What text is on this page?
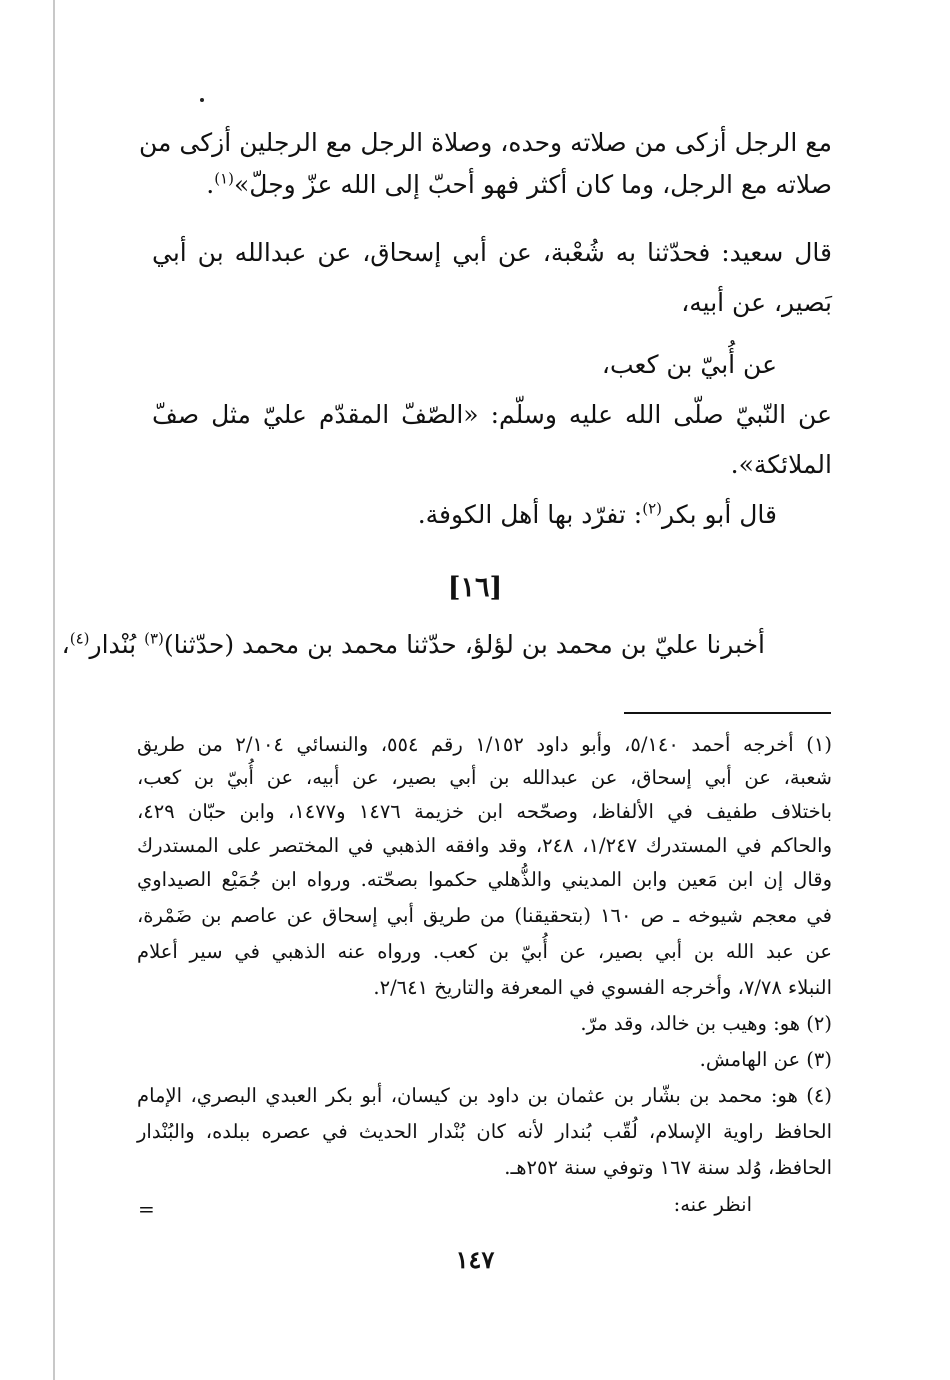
مع الرجل أزكى من صلاته وحده، وصلاة الرجل مع الرجلين أزكى من
صلاته مع الرجل، وما كان أكثر فهو أحبّ إلى الله عزّ وجلّ»$^{(١)}$.
قال سعيد: فحدّثنا به شُعْبة، عن أبي إسحاق، عن عبدالله بن أبي
بَصير، عن أبيه،
عن أُبيّ بن كعب،
عن النّبيّ صلّى الله عليه وسلّم: «الصّفّ المقدّم عليّ مثل صفّ
الملائكة».
قال أبو بكر$^{(٢)}$: تفرّد بها أهل الكوفة.
[١٦]
أخبرنا عليّ بن محمد بن لؤلؤ، حدّثنا محمد بن محمد (حدّثنا)$^{(٣)}$ بُنْدار$^{(٤)}$،
(١) أخرجه أحمد ٥/١٤٠، وأبو داود ١/١٥٢ رقم ٥٥٤، والنسائي ٢/١٠٤ من طريق
شعبة، عن أبي إسحاق، عن عبدالله بن أبي بصير، عن أبيه، عن أُبيّ بن كعب،
باختلاف طفيف في الألفاظ، وصحّحه ابن خزيمة ١٤٧٦ و١٤٧٧، وابن حبّان ٤٢٩،
والحاكم في المستدرك ١/٢٤٧، ٢٤٨، وقد وافقه الذهبي في المختصر على المستدرك
وقال إن ابن مَعين وابن المديني والذُّهلي حكموا بصحّته. ورواه ابن جُمَيْع الصيداوي
في معجم شيوخه ـ ص ١٦٠ (بتحقيقنا) من طريق أبي إسحاق عن عاصم بن ضَمْرة،
عن عبد الله بن أبي بصير، عن أُبيّ بن كعب. ورواه عنه الذهبي في سير أعلام
النبلاء ٧/٧٨، وأخرجه الفسوي في المعرفة والتاريخ ٢/٦٤١.
(٢) هو: وهيب بن خالد، وقد مرّ.
(٣) عن الهامش.
(٤) هو: محمد بن بشّار بن عثمان بن داود بن كيسان، أبو بكر العبدي البصري، الإمام
الحافظ راوية الإسلام، لُقّب بُندار لأنه كان بُنْدار الحديث في عصره ببلده، والبُنْدار
الحافظ، وُلد سنة ١٦٧ وتوفي سنة ٢٥٢هـ.
انظر عنه:
=
١٤٧
